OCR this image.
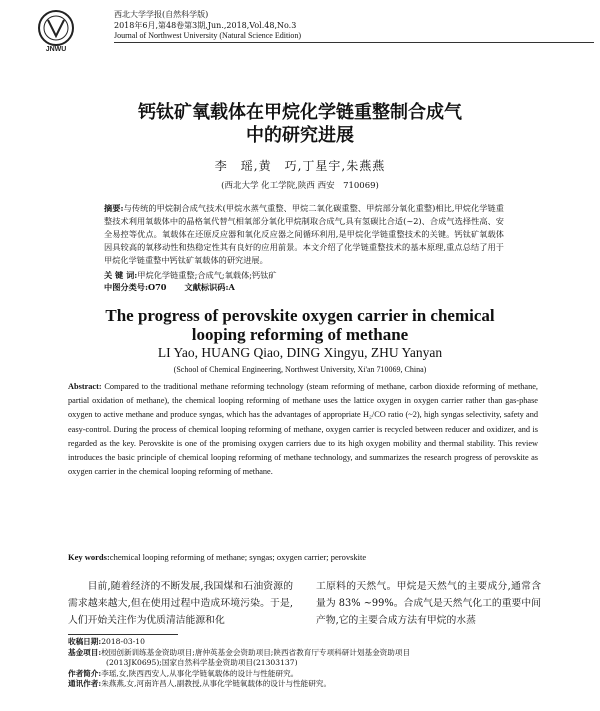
JNWU
西北大学学报(自然科学版)
2018年6月,第48卷第3期,Jun.,2018,Vol.48,No.3
Journal of Northwest University (Natural Science Edition)
钙钛矿氧载体在甲烷化学链重整制合成气
中的研究进展
李　瑶,黄　巧,丁星宇,朱燕燕
(西北大学 化工学院,陕西 西安　710069)
摘要:与传统的甲烷制合成气技术(甲烷水蒸气重整、甲烷二氧化碳重整、甲烷部分氧化重整)相比,甲烷化学链重整技术利用氧载体中的晶格氧代替气相氧部分氧化甲烷制取合成气,具有氢碳比合适(~2)、合成气选择性高、安全易控等优点。氧载体在还原反应器和氧化反应器之间循环利用,是甲烷化学链重整技术的关键。钙钛矿氧载体因具较高的氧移动性和热稳定性其有良好的应用前景。本文介绍了化学链重整技术的基本原理,重点总结了用于甲烷化学链重整中钙钛矿氧载体的研究进展。
关 键 词:甲烷化学链重整;合成气;氧载体;钙钛矿
中图分类号:O70 文献标识码:A
The progress of perovskite oxygen carrier in chemical
looping reforming of methane
LI Yao, HUANG Qiao, DING Xingyu, ZHU Yanyan
(School of Chemical Engineering, Northwest University, Xi'an 710069, China)
Abstract: Compared to the traditional methane reforming technology (steam reforming of methane, carbon dioxide reforming of methane, partial oxidation of methane), the chemical looping reforming of methane uses the lattice oxygen in oxygen carrier rather than gas-phase oxygen to active methane and produce syngas, which has the advantages of appropriate H₂/CO ratio (~2), high syngas selectivity, safety and easy-control. During the process of chemical looping reforming of methane, oxygen carrier is recycled between reducer and oxidizer, and is regarded as the key. Perovskite is one of the promising oxygen carriers due to its high oxygen mobility and thermal stability. This review introduces the basic principle of chemical looping reforming of methane technology, and summarizes the research progress of perovskite as oxygen carrier in the chemical looping reforming of methane.
Key words:chemical looping reforming of methane; syngas; oxygen carrier; perovskite
目前,随着经济的不断发展,我国煤和石油资源的需求越来越大,但在使用过程中造成环境污染。于是,人们开始关注作为优质清洁能源和化
工原料的天然气。甲烷是天然气的主要成分,通常含量为 83% ~99%。合成气是天然气化工的重要中间产物,它的主要合成方法有甲烷的水蒸
收稿日期:2018-03-10
基金项目:校园创新训练基金资助项目;唐仲英基金会资助项目;陕西省教育厅专项科研计划基金资助项目
(2013JK0695);国家自然科学基金资助项目(21303137)
作者简介:李瑶,女,陕西西安人,从事化学链氧载体的设计与性能研究。
通讯作者:朱燕燕,女,河南许昌人,副教授,从事化学链氧载体的设计与性能研究。
